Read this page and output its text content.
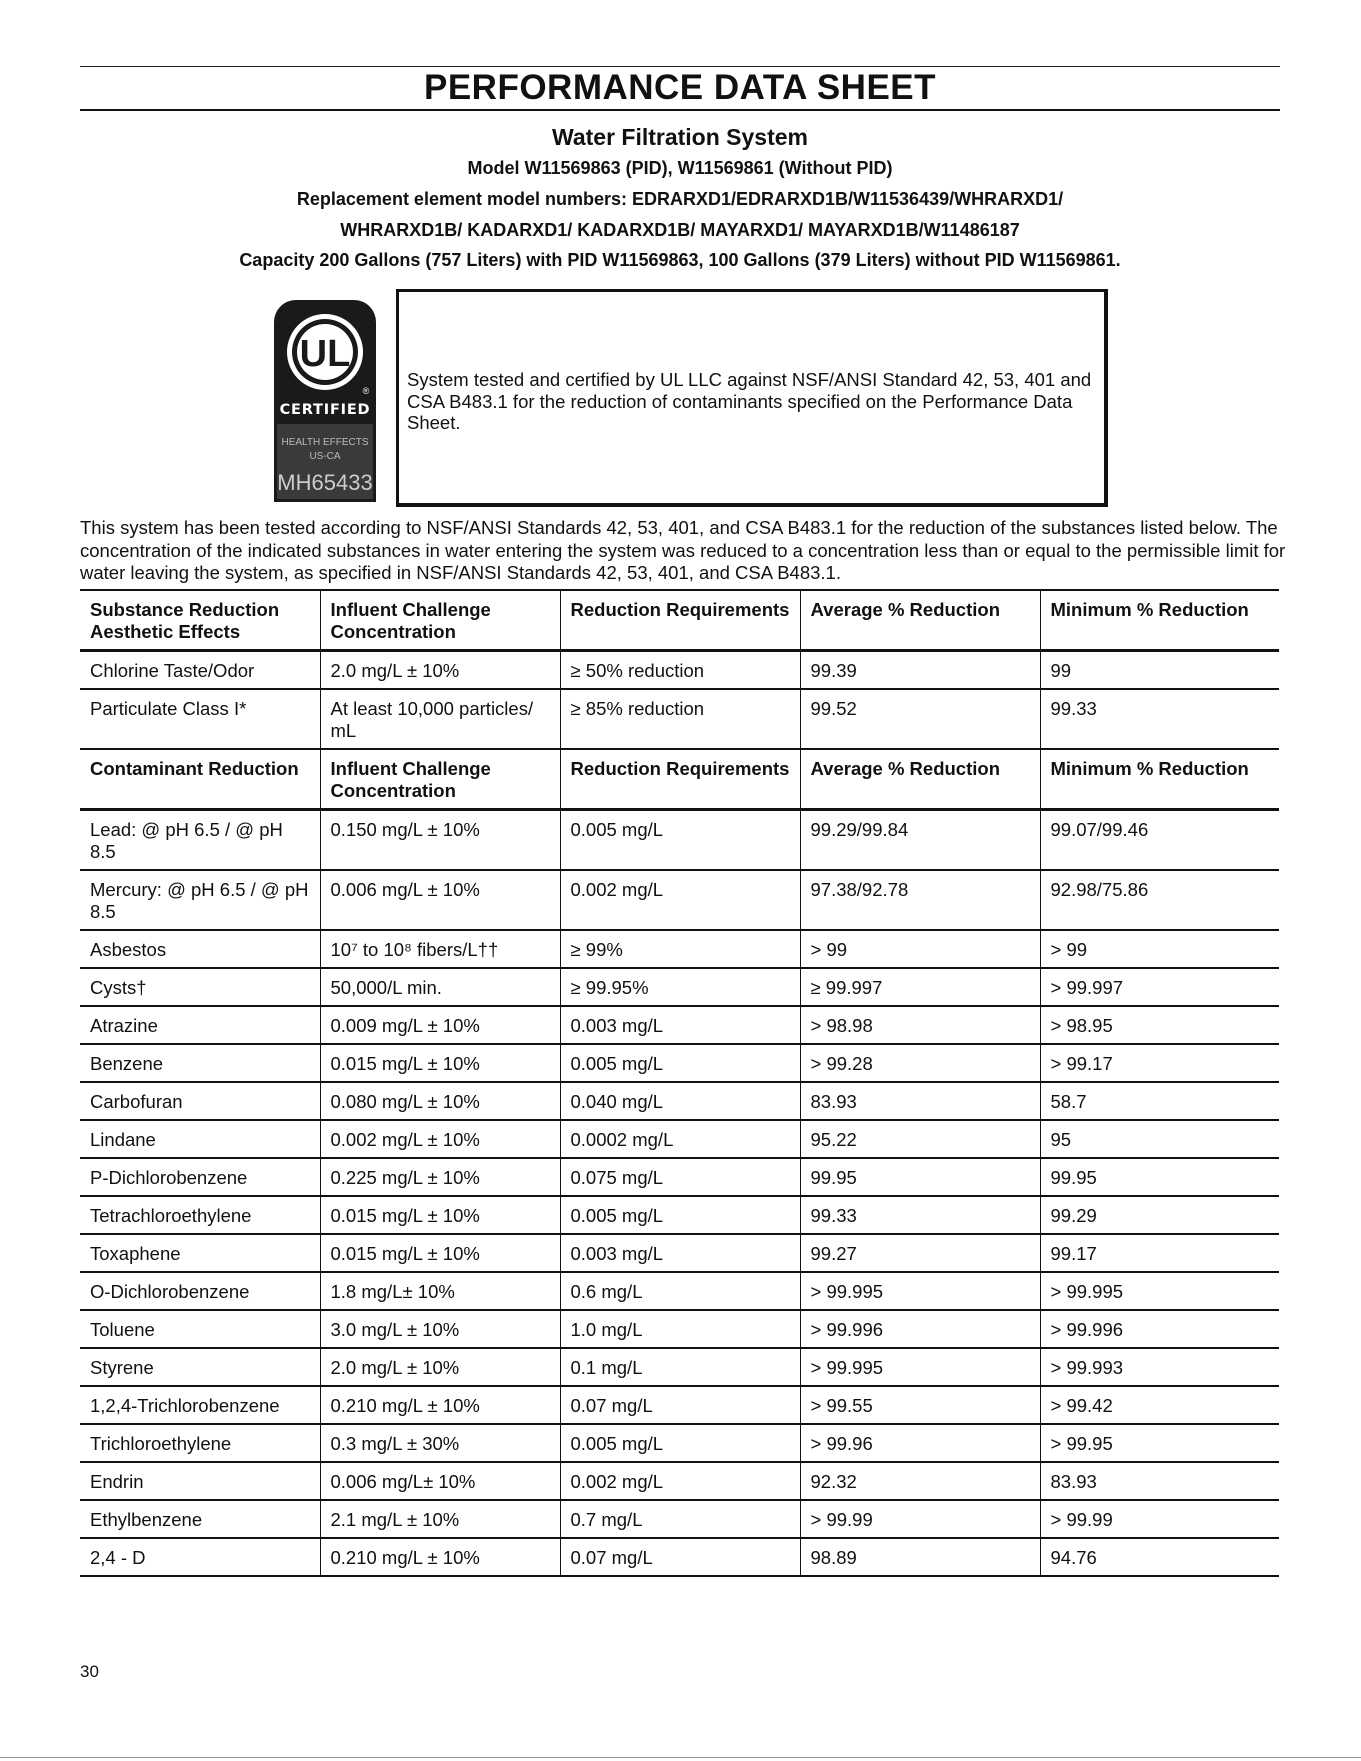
PERFORMANCE DATA SHEET
Water Filtration System
Model W11569863 (PID), W11569861 (Without PID)
Replacement element model numbers: EDRARXD1/EDRARXD1B/W11536439/WHRARXD1/
WHRARXD1B/ KADARXD1/ KADARXD1B/ MAYARXD1/ MAYARXD1B/W11486187
Capacity 200 Gallons (757 Liters) with PID W11569863, 100 Gallons (379 Liters) without PID W11569861.
UL
®
CERTIFIED
HEALTH EFFECTS
US-CA
MH65433
System tested and certified by UL LLC against NSF/ANSI Standard 42, 53, 401 and CSA B483.1 for the reduction of contaminants specified on the Performance Data Sheet.
This system has been tested according to NSF/ANSI Standards 42, 53, 401, and CSA B483.1 for the reduction of the substances listed below. The concentration of the indicated substances in water entering the system was reduced to a concentration less than or equal to the permissible limit for water leaving the system, as specified in NSF/ANSI Standards 42, 53, 401, and CSA B483.1.
Substance Reduction Aesthetic Effects	Influent Challenge Concentration	Reduction Requirements	Average % Reduction	Minimum % Reduction
Chlorine Taste/Odor	2.0 mg/L ± 10%	≥ 50% reduction	99.39	99
Particulate Class I*	At least 10,000 particles/ mL	≥ 85% reduction	99.52	99.33
Contaminant Reduction	Influent Challenge Concentration	Reduction Requirements	Average % Reduction	Minimum % Reduction
Lead: @ pH 6.5 / @ pH 8.5	0.150 mg/L ± 10%	0.005 mg/L	99.29/99.84	99.07/99.46
Mercury: @ pH 6.5 / @ pH 8.5	0.006 mg/L ± 10%	0.002 mg/L	97.38/92.78	92.98/75.86
Asbestos	10⁷ to 10⁸ fibers/L††	≥ 99%	> 99	> 99
Cysts†	50,000/L min.	≥ 99.95%	≥ 99.997	> 99.997
Atrazine	0.009 mg/L ± 10%	0.003 mg/L	> 98.98	> 98.95
Benzene	0.015 mg/L ± 10%	0.005 mg/L	> 99.28	> 99.17
Carbofuran	0.080 mg/L ± 10%	0.040 mg/L	83.93	58.7
Lindane	0.002 mg/L ± 10%	0.0002 mg/L	95.22	95
P-Dichlorobenzene	0.225 mg/L ± 10%	0.075 mg/L	99.95	99.95
Tetrachloroethylene	0.015 mg/L ± 10%	0.005 mg/L	99.33	99.29
Toxaphene	0.015 mg/L ± 10%	0.003 mg/L	99.27	99.17
O-Dichlorobenzene	1.8 mg/L± 10%	0.6 mg/L	> 99.995	> 99.995
Toluene	3.0 mg/L ± 10%	1.0 mg/L	> 99.996	> 99.996
Styrene	2.0 mg/L ± 10%	0.1 mg/L	> 99.995	> 99.993
1,2,4-Trichlorobenzene	0.210 mg/L ± 10%	0.07 mg/L	> 99.55	> 99.42
Trichloroethylene	0.3 mg/L ± 30%	0.005 mg/L	> 99.96	> 99.95
Endrin	0.006 mg/L± 10%	0.002 mg/L	92.32	83.93
Ethylbenzene	2.1 mg/L ± 10%	0.7 mg/L	> 99.99	> 99.99
2,4 - D	0.210 mg/L ± 10%	0.07 mg/L	98.89	94.76
30
